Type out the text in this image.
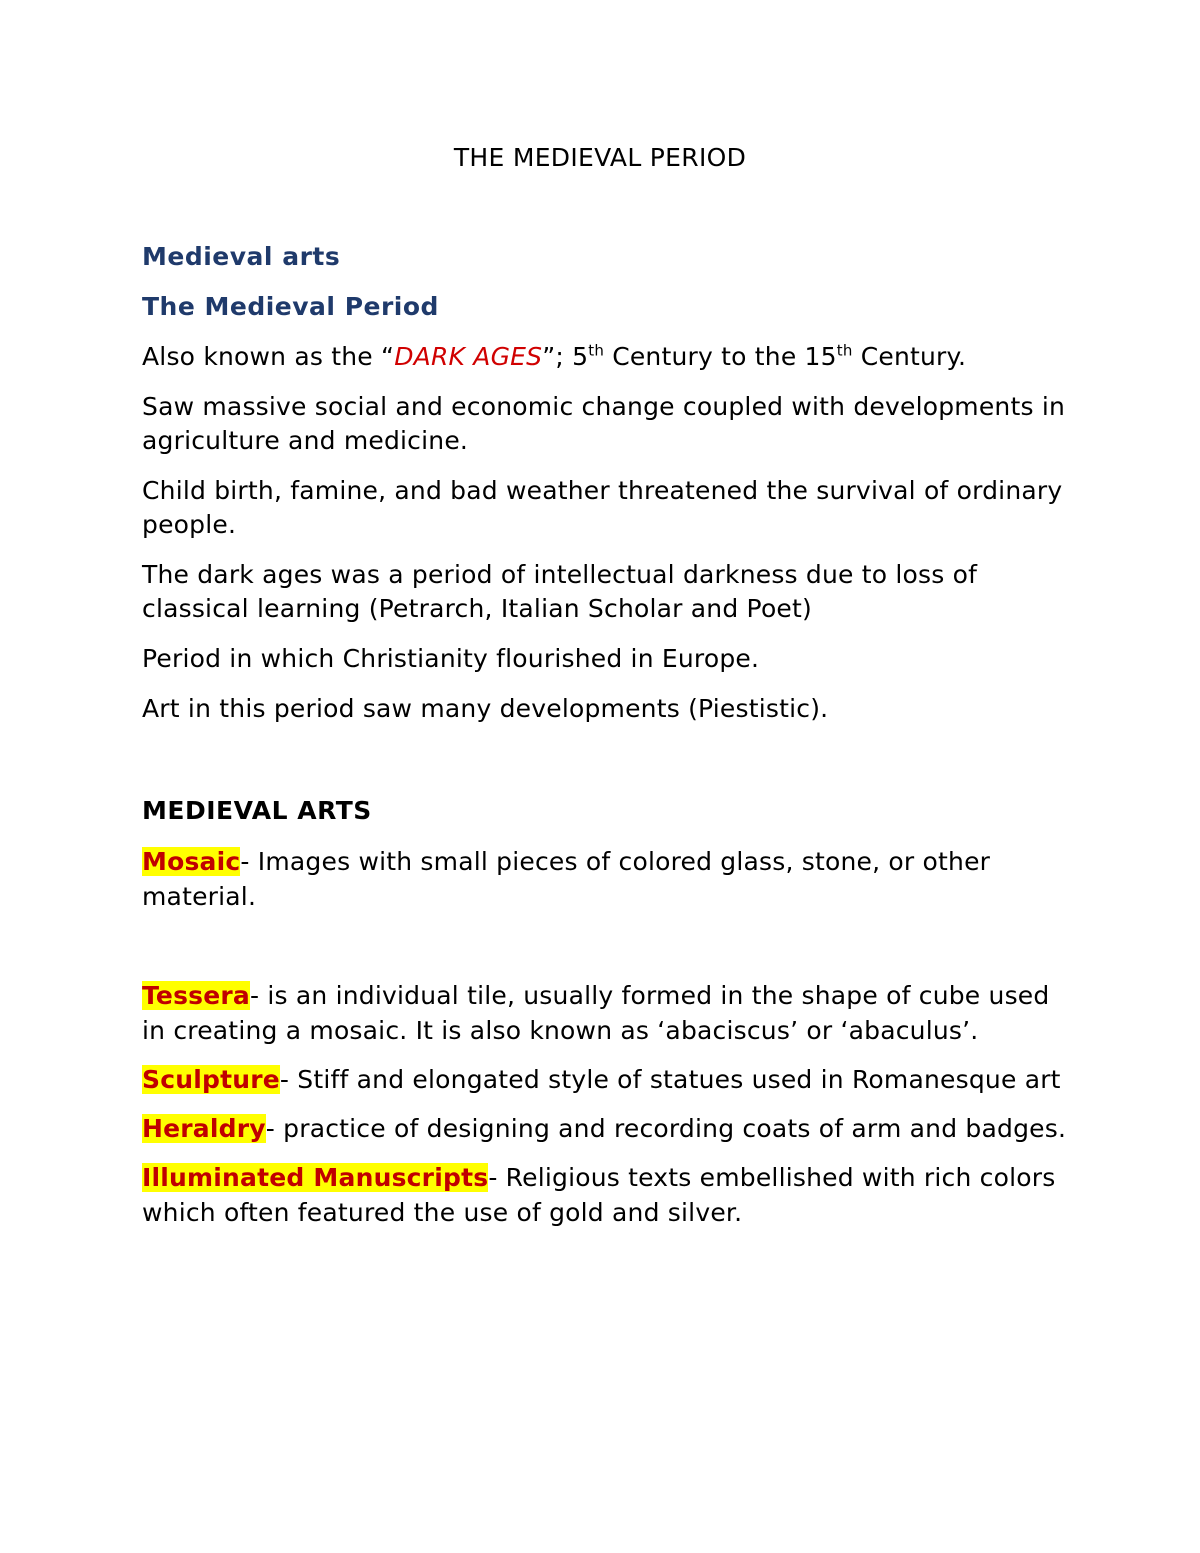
THE MEDIEVAL PERIOD
Medieval arts
The Medieval Period
Also known as the “DARK AGES”; 5th Century to the 15th Century.
Saw massive social and economic change coupled with developments in agriculture and medicine.
Child birth, famine, and bad weather threatened the survival of ordinary people.
The dark ages was a period of intellectual darkness due to loss of classical learning (Petrarch, Italian Scholar and Poet)
Period in which Christianity flourished in Europe.
Art in this period saw many developments (Piestistic).
MEDIEVAL ARTS
Mosaic- Images with small pieces of colored glass, stone, or other material.
Tessera- is an individual tile, usually formed in the shape of cube used in creating a mosaic. It is also known as ‘abaciscus’ or ‘abaculus’.
Sculpture- Stiff and elongated style of statues used in Romanesque art
Heraldry- practice of designing and recording coats of arm and badges.
Illuminated Manuscripts- Religious texts embellished with rich colors which often featured the use of gold and silver.
